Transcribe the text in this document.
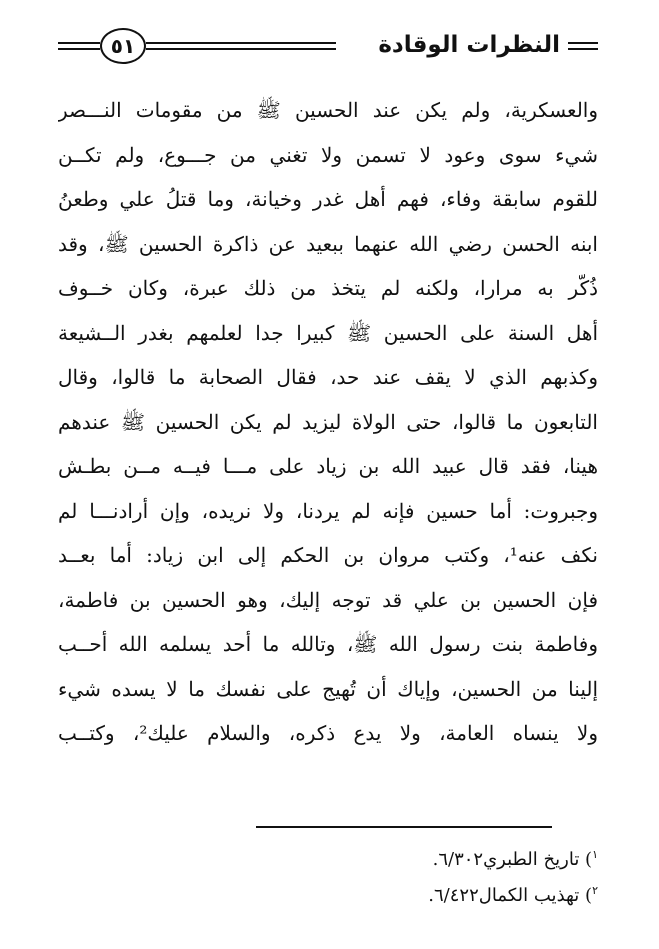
٥١	النظرات الوقادة
والعسكرية، ولم يكن عند الحسين ﷺ من مقومات النـــصر
شيء سوى وعود لا تسمن ولا تغني من جـــوع، ولم تكــن
للقوم سابقة وفاء، فهم أهل غدر وخيانة، وما قتلُ علي وطعنُ
ابنه الحسن رضي الله عنهما ببعيد عن ذاكرة الحسين ﷺ، وقد
ذُكّر به مرارا، ولكنه لم يتخذ من ذلك عبرة، وكان خــوف
أهل السنة على الحسين ﷺ كبيرا جدا لعلمهم بغدر الــشيعة
وكذبهم الذي لا يقف عند حد، فقال الصحابة ما قالوا، وقال
التابعون ما قالوا، حتى الولاة ليزيد لم يكن الحسين ﷺ عندهم
هينا، فقد قال عبيد الله بن زياد على مـــا فيــه مــن بطـش
وجبروت: أما حسين فإنه لم يردنا، ولا نريده، وإن أرادنـــا لم
نكف عنه¹، وكتب مروان بن الحكم إلى ابن زياد: أما بعــد
فإن الحسين بن علي قد توجه إليك، وهو الحسين بن فاطمة،
وفاطمة بنت رسول الله ﷺ، وتالله ما أحد يسلمه الله أحــب
إلينا من الحسين، وإياك أن تُهيج على نفسك ما لا يسده شيء
ولا ينساه العامة، ولا يدع ذكره، والسلام عليك²، وكتــب
$^١$) تاريخ الطبري٦/٣٠٢.
$^٢$) تهذيب الكمال٦/٤٢٢.
